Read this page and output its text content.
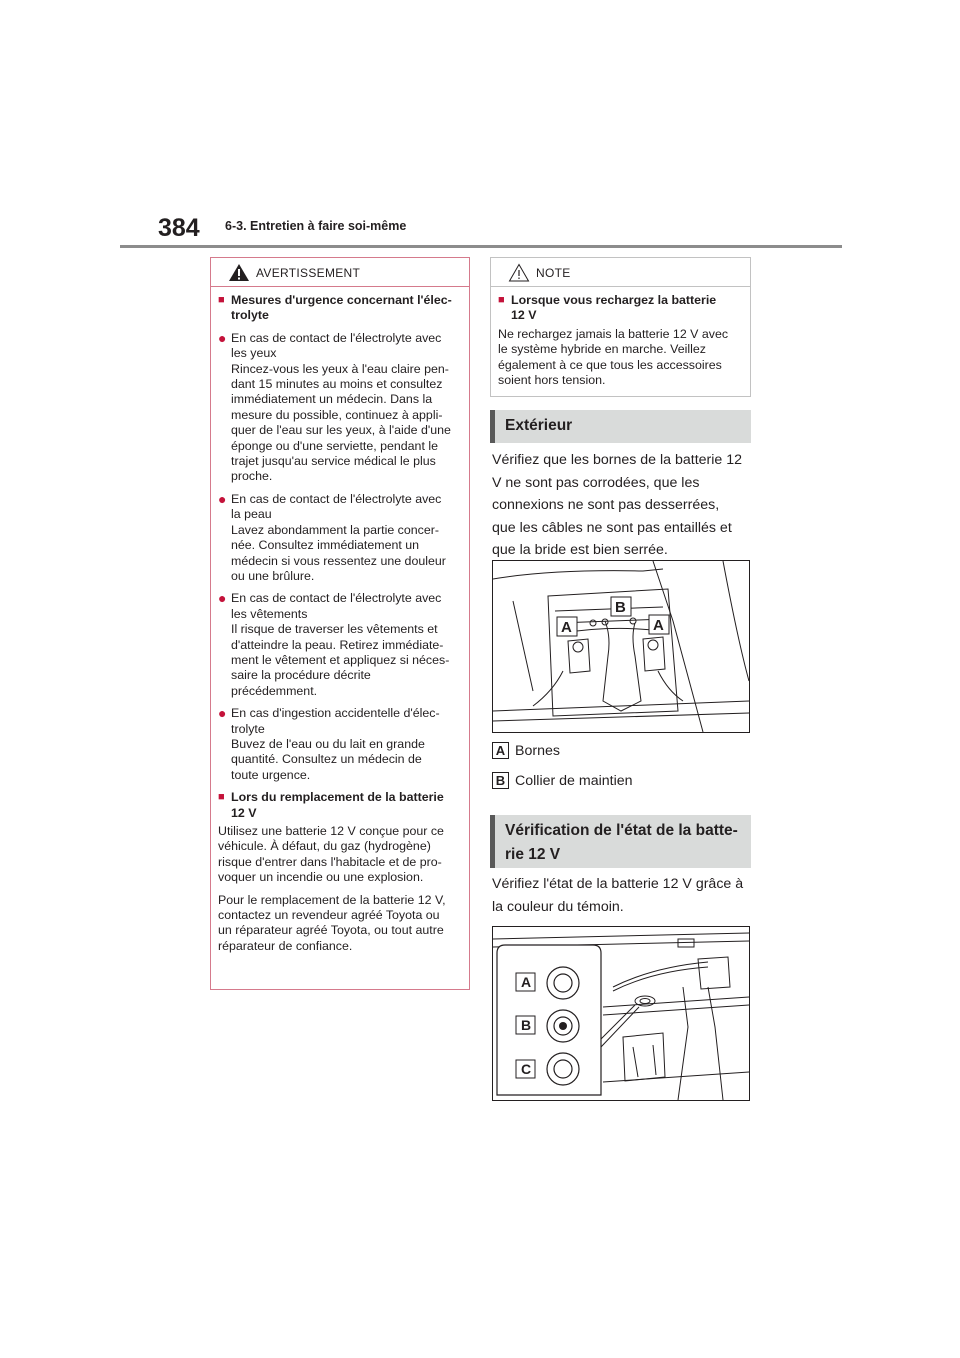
384 6-3. Entretien à faire soi-même
AVERTISSEMENT
■ Mesures d'urgence concernant l'élec-
trolyte
● En cas de contact de l'électrolyte avec
les yeux
Rincez-vous les yeux à l'eau claire pen-
dant 15 minutes au moins et consultez
immédiatement un médecin. Dans la
mesure du possible, continuez à appli-
quer de l'eau sur les yeux, à l'aide d'une
éponge ou d'une serviette, pendant le
trajet jusqu'au service médical le plus
proche.
● En cas de contact de l'électrolyte avec
la peau
Lavez abondamment la partie concer-
née. Consultez immédiatement un
médecin si vous ressentez une douleur
ou une brûlure.
● En cas de contact de l'électrolyte avec
les vêtements
Il risque de traverser les vêtements et
d'atteindre la peau. Retirez immédiate-
ment le vêtement et appliquez si néces-
saire la procédure décrite
précédemment.
● En cas d'ingestion accidentelle d'élec-
trolyte
Buvez de l'eau ou du lait en grande
quantité. Consultez un médecin de
toute urgence.
■ Lors du remplacement de la batterie
12 V
Utilisez une batterie 12 V conçue pour ce
véhicule. À défaut, du gaz (hydrogène)
risque d'entrer dans l'habitacle et de pro-
voquer un incendie ou une explosion.
Pour le remplacement de la batterie 12 V,
contactez un revendeur agréé Toyota ou
un réparateur agréé Toyota, ou tout autre
réparateur de confiance.
NOTE
■ Lorsque vous rechargez la batterie
12 V
Ne rechargez jamais la batterie 12 V avec
le système hybride en marche. Veillez
également à ce que tous les accessoires
soient hors tension.
Extérieur
Vérifiez que les bornes de la batterie 12
V ne sont pas corrodées, que les
connexions ne sont pas desserrées,
que les câbles ne sont pas entaillés et
que la bride est bien serrée.
B
A	A
A Bornes
B Collier de maintien
Vérification de l'état de la batte-
rie 12 V
Vérifiez l'état de la batterie 12 V grâce à
la couleur du témoin.
A
B
C
